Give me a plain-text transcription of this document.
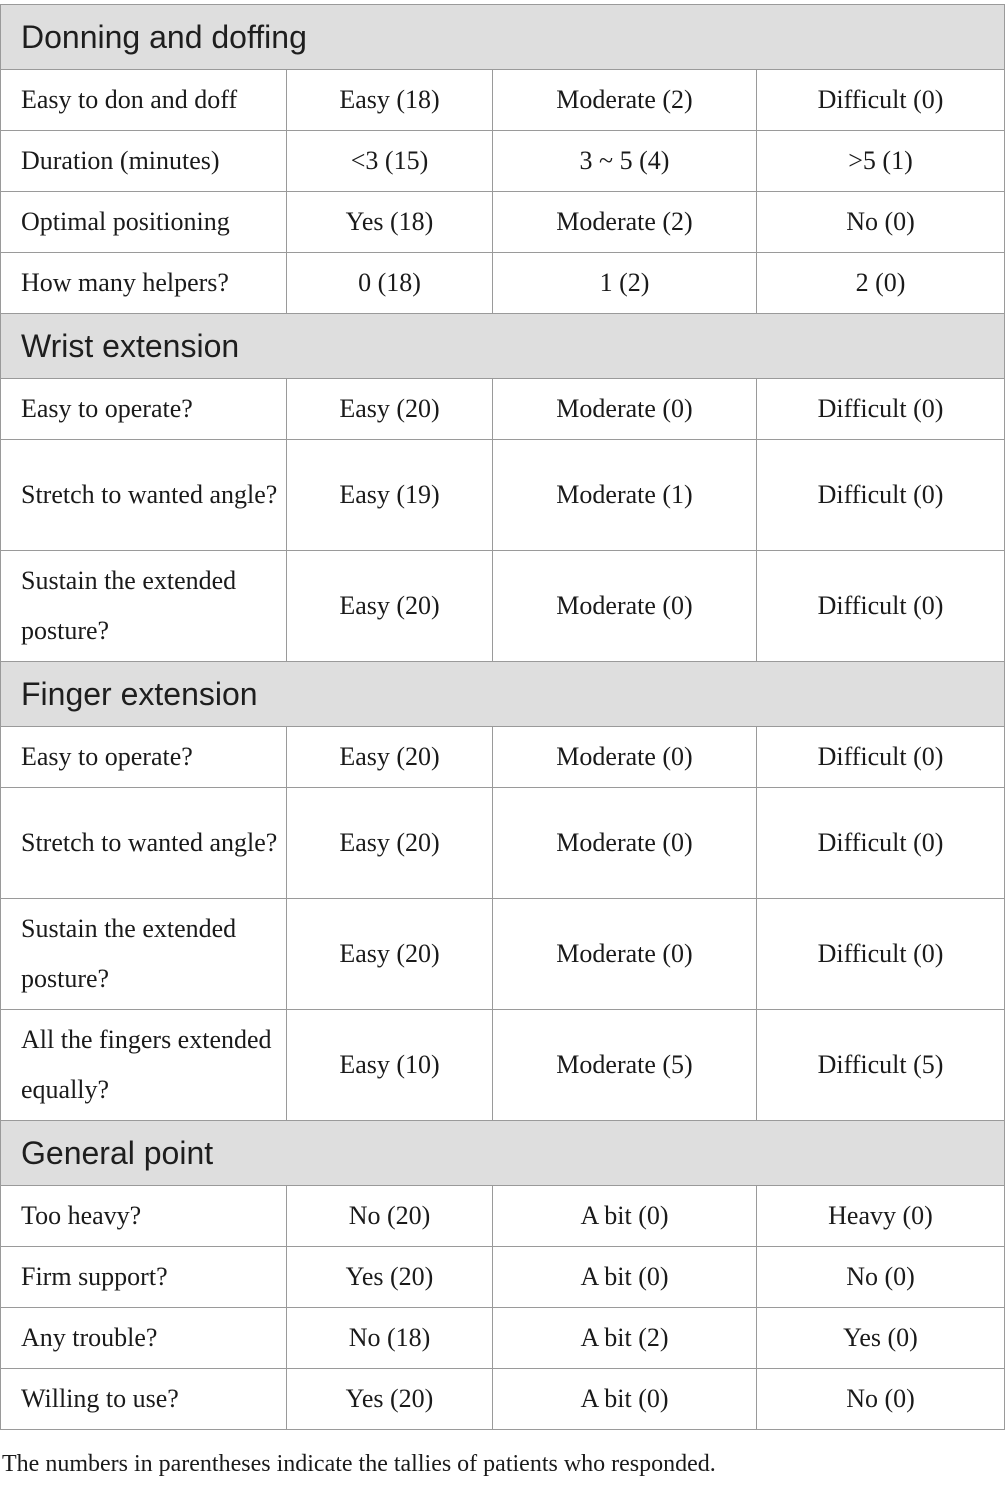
Donning and doffing			
Easy to don and doff	Easy (18)	Moderate (2)	Difficult (0)
Duration (minutes)	<3 (15)	3 ~ 5 (4)	>5 (1)
Optimal positioning	Yes (18)	Moderate (2)	No (0)
How many helpers?	0 (18)	1 (2)	2 (0)
Wrist extension			
Easy to operate?	Easy (20)	Moderate (0)	Difficult (0)
Stretch to wanted angle?	Easy (19)	Moderate (1)	Difficult (0)
Sustain the extended posture?	Easy (20)	Moderate (0)	Difficult (0)
Finger extension			
Easy to operate?	Easy (20)	Moderate (0)	Difficult (0)
Stretch to wanted angle?	Easy (20)	Moderate (0)	Difficult (0)
Sustain the extended posture?	Easy (20)	Moderate (0)	Difficult (0)
All the fingers extended equally?	Easy (10)	Moderate (5)	Difficult (5)
General point			
Too heavy?	No (20)	A bit (0)	Heavy (0)
Firm support?	Yes (20)	A bit (0)	No (0)
Any trouble?	No (18)	A bit (2)	Yes (0)
Willing to use?	Yes (20)	A bit (0)	No (0)
The numbers in parentheses indicate the tallies of patients who responded.
